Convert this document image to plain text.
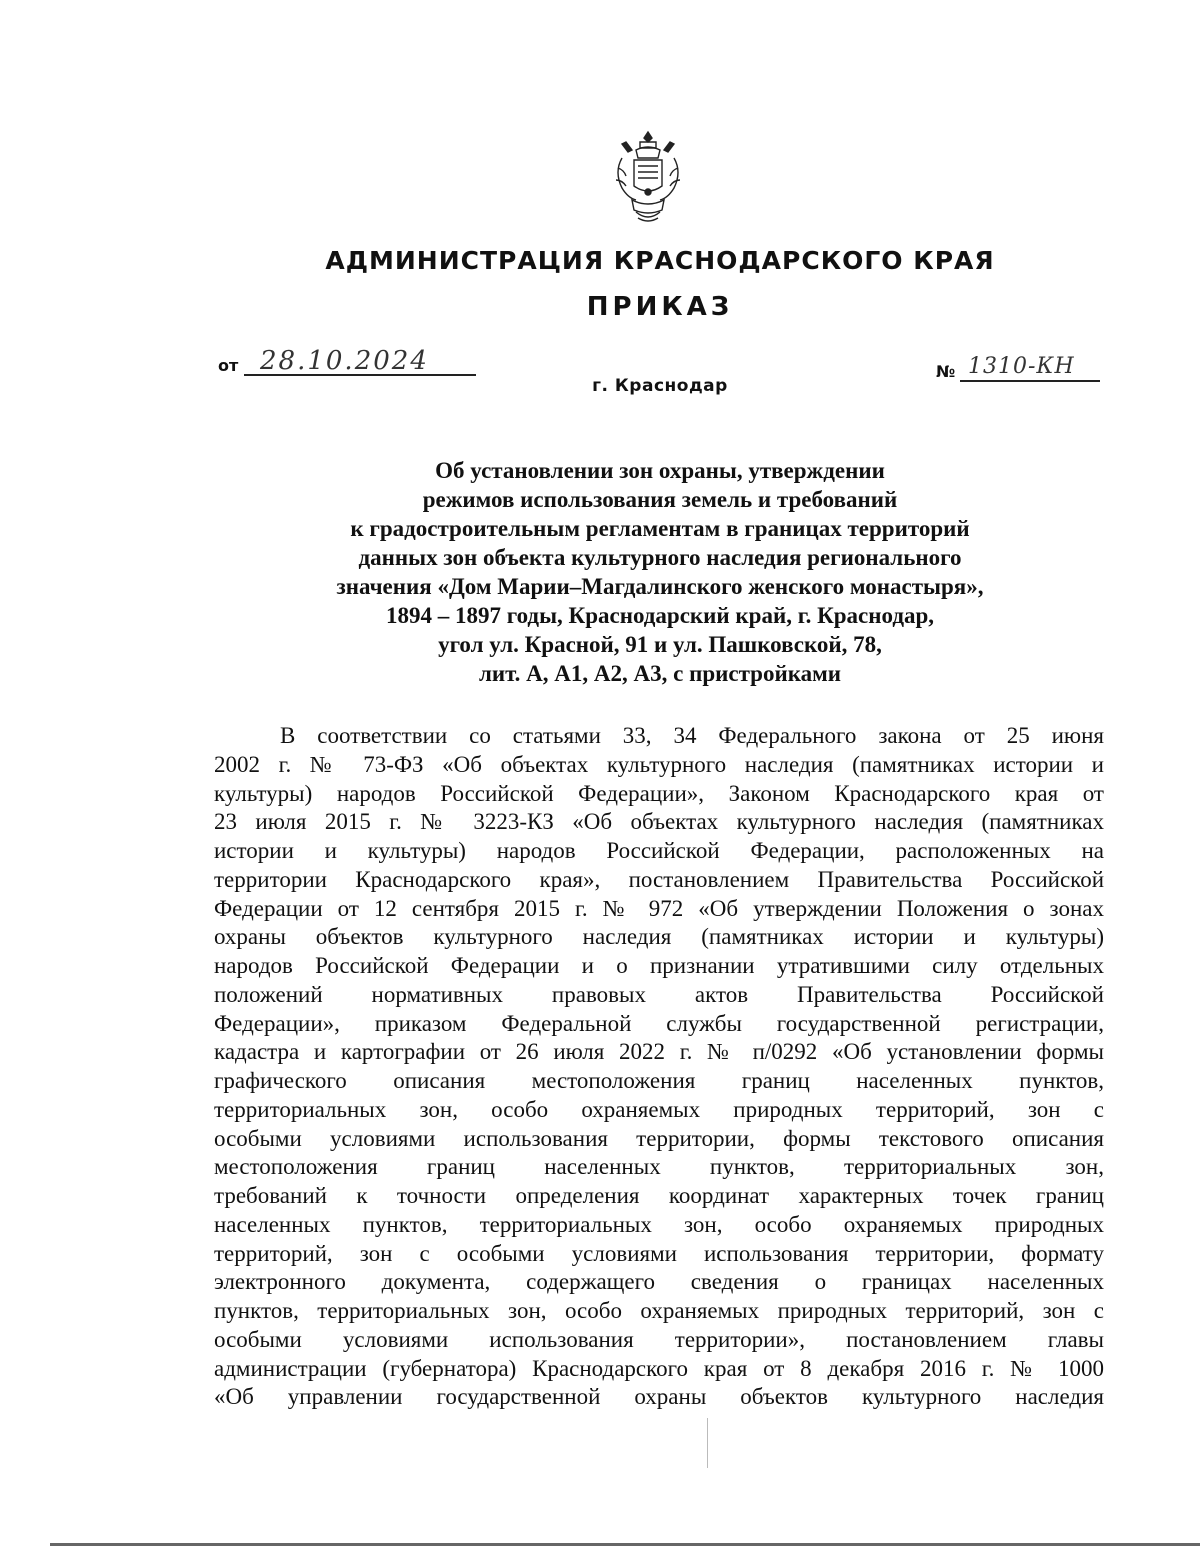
АДМИНИСТРАЦИЯ КРАСНОДАРСКОГО КРАЯ
ПРИКАЗ
от 28.10.2024	№ 1310-КН
г. Краснодар
Об установлении зон охраны, утверждении
режимов использования земель и требований
к градостроительным регламентам в границах территорий
данных зон объекта культурного наследия регионального
значения «Дом Марии–Магдалинского женского монастыря»,
1894 – 1897 годы, Краснодарский край, г. Краснодар,
угол ул. Красной, 91 и ул. Пашковской, 78,
лит. А, А1, А2, А3, с пристройками
В соответствии со статьями 33, 34 Федерального закона от 25 июня
2002 г. № 73-ФЗ «Об объектах культурного наследия (памятниках истории и
культуры) народов Российской Федерации», Законом Краснодарского края от
23 июля 2015 г. № 3223-КЗ «Об объектах культурного наследия (памятниках
истории и культуры) народов Российской Федерации, расположенных на
территории Краснодарского края», постановлением Правительства Российской
Федерации от 12 сентября 2015 г. № 972 «Об утверждении Положения о зонах
охраны объектов культурного наследия (памятниках истории и культуры)
народов Российской Федерации и о признании утратившими силу отдельных
положений нормативных правовых актов Правительства Российской
Федерации», приказом Федеральной службы государственной регистрации,
кадастра и картографии от 26 июля 2022 г. № п/0292 «Об установлении формы
графического описания местоположения границ населенных пунктов,
территориальных зон, особо охраняемых природных территорий, зон с
особыми условиями использования территории, формы текстового описания
местоположения границ населенных пунктов, территориальных зон,
требований к точности определения координат характерных точек границ
населенных пунктов, территориальных зон, особо охраняемых природных
территорий, зон с особыми условиями использования территории, формату
электронного документа, содержащего сведения о границах населенных
пунктов, территориальных зон, особо охраняемых природных территорий, зон с
особыми условиями использования территории», постановлением главы
администрации (губернатора) Краснодарского края от 8 декабря 2016 г. № 1000
«Об управлении государственной охраны объектов культурного наследия
